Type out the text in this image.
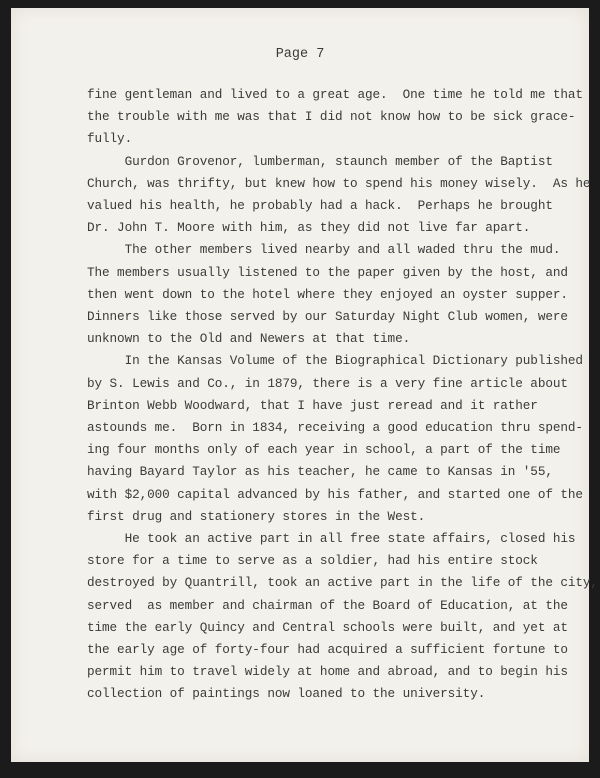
Page 7
fine gentleman and lived to a great age.  One time he told me that
the trouble with me was that I did not know how to be sick grace-
fully.
Gurdon Grovenor, lumberman, staunch member of the Baptist
Church, was thrifty, but knew how to spend his money wisely.  As he
valued his health, he probably had a hack.  Perhaps he brought
Dr. John T. Moore with him, as they did not live far apart.
The other members lived nearby and all waded thru the mud.
The members usually listened to the paper given by the host, and
then went down to the hotel where they enjoyed an oyster supper.
Dinners like those served by our Saturday Night Club women, were
unknown to the Old and Newers at that time.
In the Kansas Volume of the Biographical Dictionary published
by S. Lewis and Co., in 1879, there is a very fine article about
Brinton Webb Woodward, that I have just reread and it rather
astounds me.  Born in 1834, receiving a good education thru spend-
ing four months only of each year in school, a part of the time
having Bayard Taylor as his teacher, he came to Kansas in '55,
with $2,000 capital advanced by his father, and started one of the
first drug and stationery stores in the West.
He took an active part in all free state affairs, closed his
store for a time to serve as a soldier, had his entire stock
destroyed by Quantrill, took an active part in the life of the city,
served  as member and chairman of the Board of Education, at the
time the early Quincy and Central schools were built, and yet at
the early age of forty-four had acquired a sufficient fortune to
permit him to travel widely at home and abroad, and to begin his
collection of paintings now loaned to the university.
